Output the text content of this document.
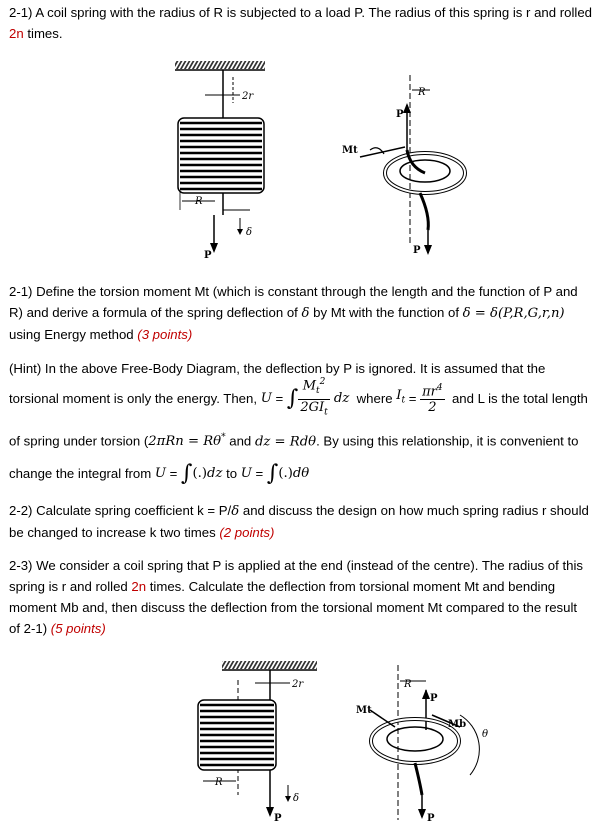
2-1) A coil spring with the radius of R is subjected to a load P. The radius of this spring is r and rolled
2n times.
2r
P
δ
R
R
P
Mt
P
2-1) Define the torsion moment Mt (which is constant through the length and the function of P and
R) and derive a formula of the spring deflection of δ by Mt with the function of δ = δ(P,R,G,r,n)
using Energy method (3 points)
(Hint) In the above Free-Body Diagram, the deflection by P is ignored. It is assumed that the
torsional moment is only the energy. Then,
U = ∫ $\frac{M_t^2}{2GI_t}$ dz
where
$I_t = \frac{\pi r^4}{2}$
and L is the total length
of spring under torsion (2πRn = Rθ* and dz = Rdθ. By using this relationship, it is convenient to
change the integral from
U = ∫ (.) dz
to
U = ∫ (.) dθ
2-2) Calculate spring coefficient k = P/δ and discuss the design on how much spring radius r should
be changed to increase k two times (2 points)
2-3) We consider a coil spring that P is applied at the end (instead of the centre). The radius of this
spring is r and rolled 2n times. Calculate the deflection from torsional moment Mt and bending
moment Mb and, then discuss the deflection from the torsional moment Mt compared to the result
of 2-1) (5 points)
2r
P
δ
R
R
P
Mt
Mb
θ
P
